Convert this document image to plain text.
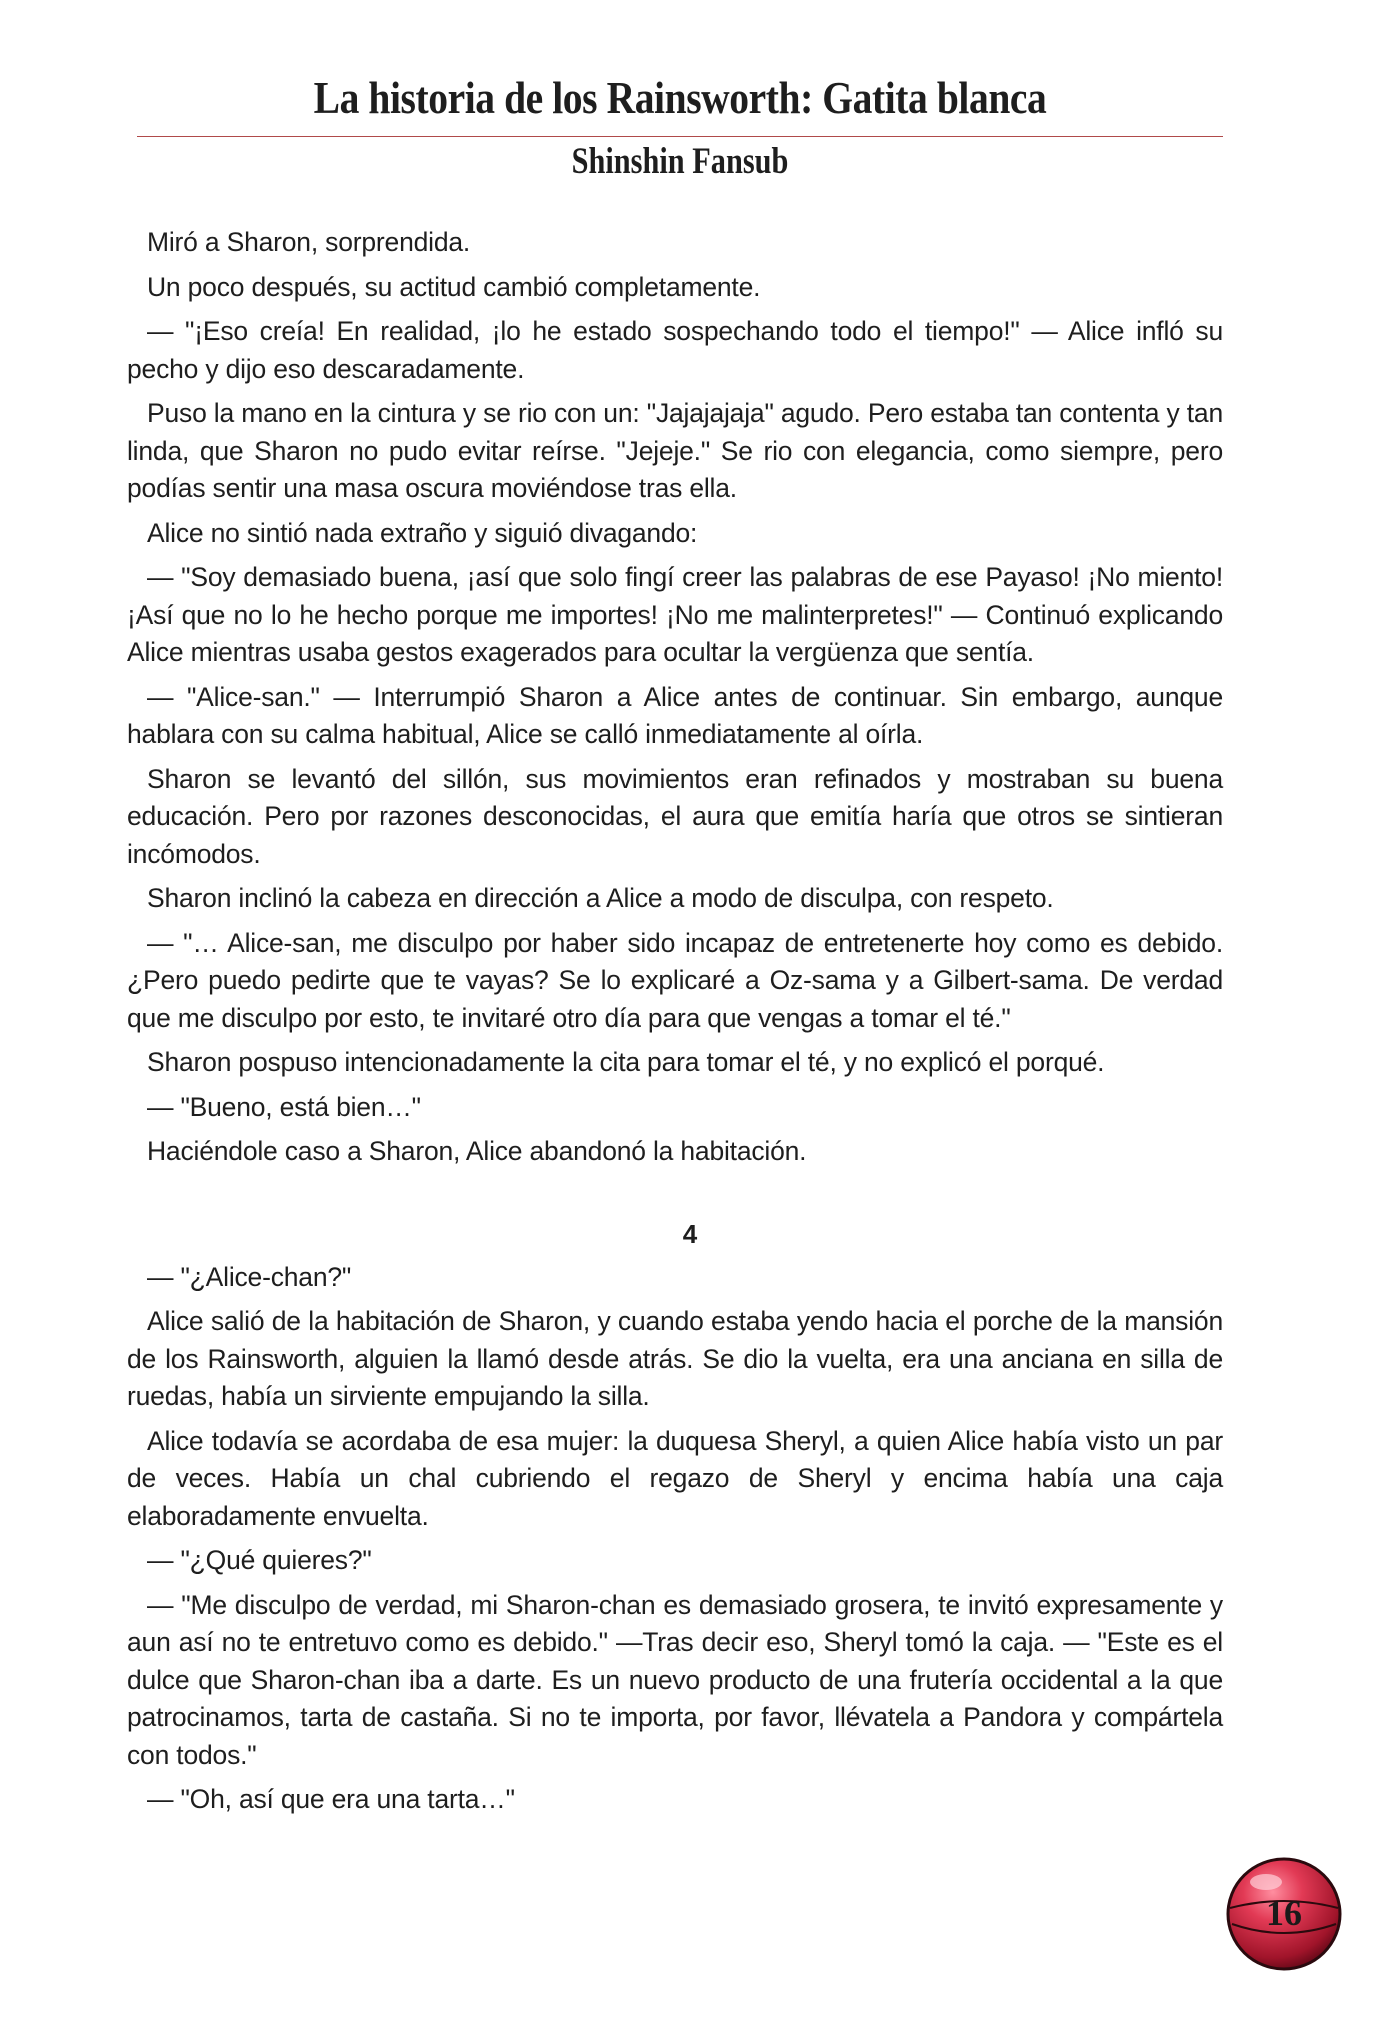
La historia de los Rainsworth: Gatita blanca
Shinshin Fansub

Miró a Sharon, sorprendida.

Un poco después, su actitud cambió completamente.

— "¡Eso creía! En realidad, ¡lo he estado sospechando todo el tiempo!" — Alice infló su pecho y dijo eso descaradamente.

Puso la mano en la cintura y se rio con un: "Jajajajaja" agudo. Pero estaba tan contenta y tan linda, que Sharon no pudo evitar reírse. "Jejeje." Se rio con elegancia, como siempre, pero podías sentir una masa oscura moviéndose tras ella.

Alice no sintió nada extraño y siguió divagando:

— "Soy demasiado buena, ¡así que solo fingí creer las palabras de ese Payaso! ¡No miento! ¡Así que no lo he hecho porque me importes! ¡No me malinterpretes!" — Continuó explicando Alice mientras usaba gestos exagerados para ocultar la vergüenza que sentía.

— "Alice-san." — Interrumpió Sharon a Alice antes de continuar. Sin embargo, aunque hablara con su calma habitual, Alice se calló inmediatamente al oírla.

Sharon se levantó del sillón, sus movimientos eran refinados y mostraban su buena educación. Pero por razones desconocidas, el aura que emitía haría que otros se sintieran incómodos.

Sharon inclinó la cabeza en dirección a Alice a modo de disculpa, con respeto.

— "… Alice-san, me disculpo por haber sido incapaz de entretenerte hoy como es debido. ¿Pero puedo pedirte que te vayas? Se lo explicaré a Oz-sama y a Gilbert-sama. De verdad que me disculpo por esto, te invitaré otro día para que vengas a tomar el té."

Sharon pospuso intencionadamente la cita para tomar el té, y no explicó el porqué.

— "Bueno, está bien…"

Haciéndole caso a Sharon, Alice abandonó la habitación.

4

— "¿Alice-chan?"

Alice salió de la habitación de Sharon, y cuando estaba yendo hacia el porche de la mansión de los Rainsworth, alguien la llamó desde atrás. Se dio la vuelta, era una anciana en silla de ruedas, había un sirviente empujando la silla.

Alice todavía se acordaba de esa mujer: la duquesa Sheryl, a quien Alice había visto un par de veces. Había un chal cubriendo el regazo de Sheryl y encima había una caja elaboradamente envuelta.

— "¿Qué quieres?"

— "Me disculpo de verdad, mi Sharon-chan es demasiado grosera, te invitó expresamente y aun así no te entretuvo como es debido." —Tras decir eso, Sheryl tomó la caja. — "Este es el dulce que Sharon-chan iba a darte. Es un nuevo producto de una frutería occidental a la que patrocinamos, tarta de castaña. Si no te importa, por favor, llévatela a Pandora y compártela con todos."

— "Oh, así que era una tarta…"

16
